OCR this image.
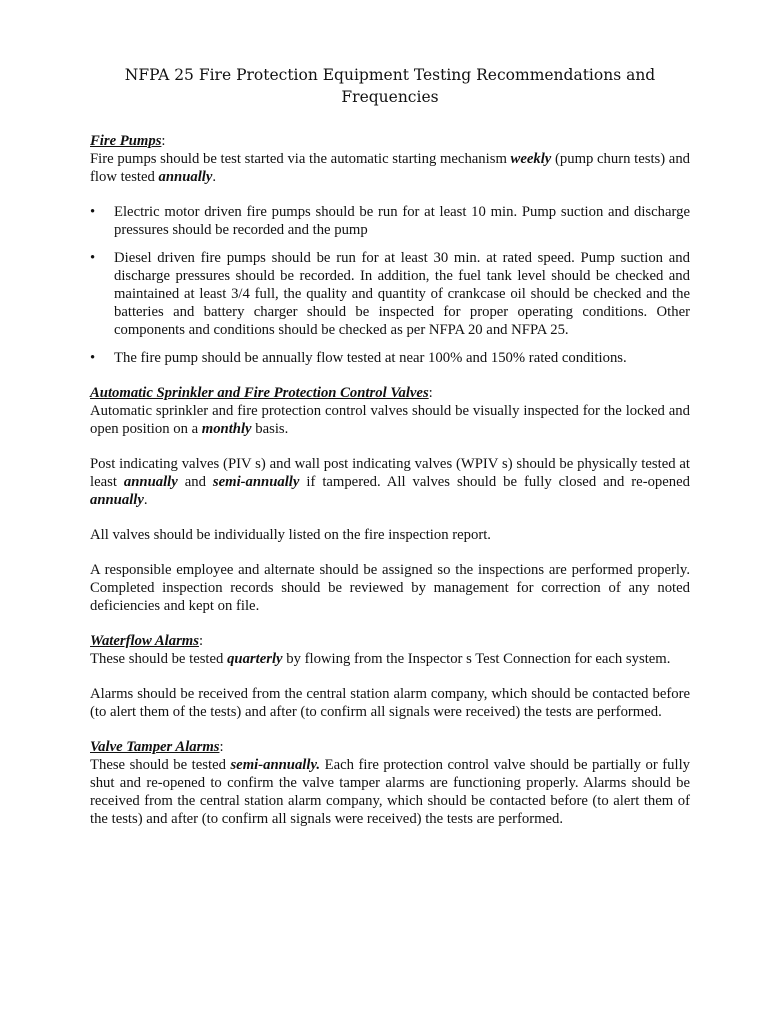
NFPA 25 Fire Protection Equipment Testing Recommendations and Frequencies
Fire Pumps:

Fire pumps should be test started via the automatic starting mechanism weekly (pump churn tests) and flow tested annually.

• Electric motor driven fire pumps should be run for at least 10 min. Pump suction and discharge pressures should be recorded and the pump
• Diesel driven fire pumps should be run for at least 30 min. at rated speed. Pump suction and discharge pressures should be recorded. In addition, the fuel tank level should be checked and maintained at least 3/4 full, the quality and quantity of crankcase oil should be checked and the batteries and battery charger should be inspected for proper operating conditions. Other components and conditions should be checked as per NFPA 20 and NFPA 25.
• The fire pump should be annually flow tested at near 100% and 150% rated conditions.
Automatic Sprinkler and Fire Protection Control Valves:

Automatic sprinkler and fire protection control valves should be visually inspected for the locked and open position on a monthly basis.

Post indicating valves (PIV s) and wall post indicating valves (WPIV s) should be physically tested at least annually and semi-annually if tampered. All valves should be fully closed and re-opened annually.

All valves should be individually listed on the fire inspection report.

A responsible employee and alternate should be assigned so the inspections are performed properly. Completed inspection records should be reviewed by management for correction of any noted deficiencies and kept on file.

Waterflow Alarms:

These should be tested quarterly by flowing from the Inspector s Test Connection for each system.

Alarms should be received from the central station alarm company, which should be contacted before (to alert them of the tests) and after (to confirm all signals were received) the tests are performed.

Valve Tamper Alarms:

These should be tested semi-annually. Each fire protection control valve should be partially or fully shut and re-opened to confirm the valve tamper alarms are functioning properly. Alarms should be received from the central station alarm company, which should be contacted before (to alert them of the tests) and after (to confirm all signals were received) the tests are performed.
